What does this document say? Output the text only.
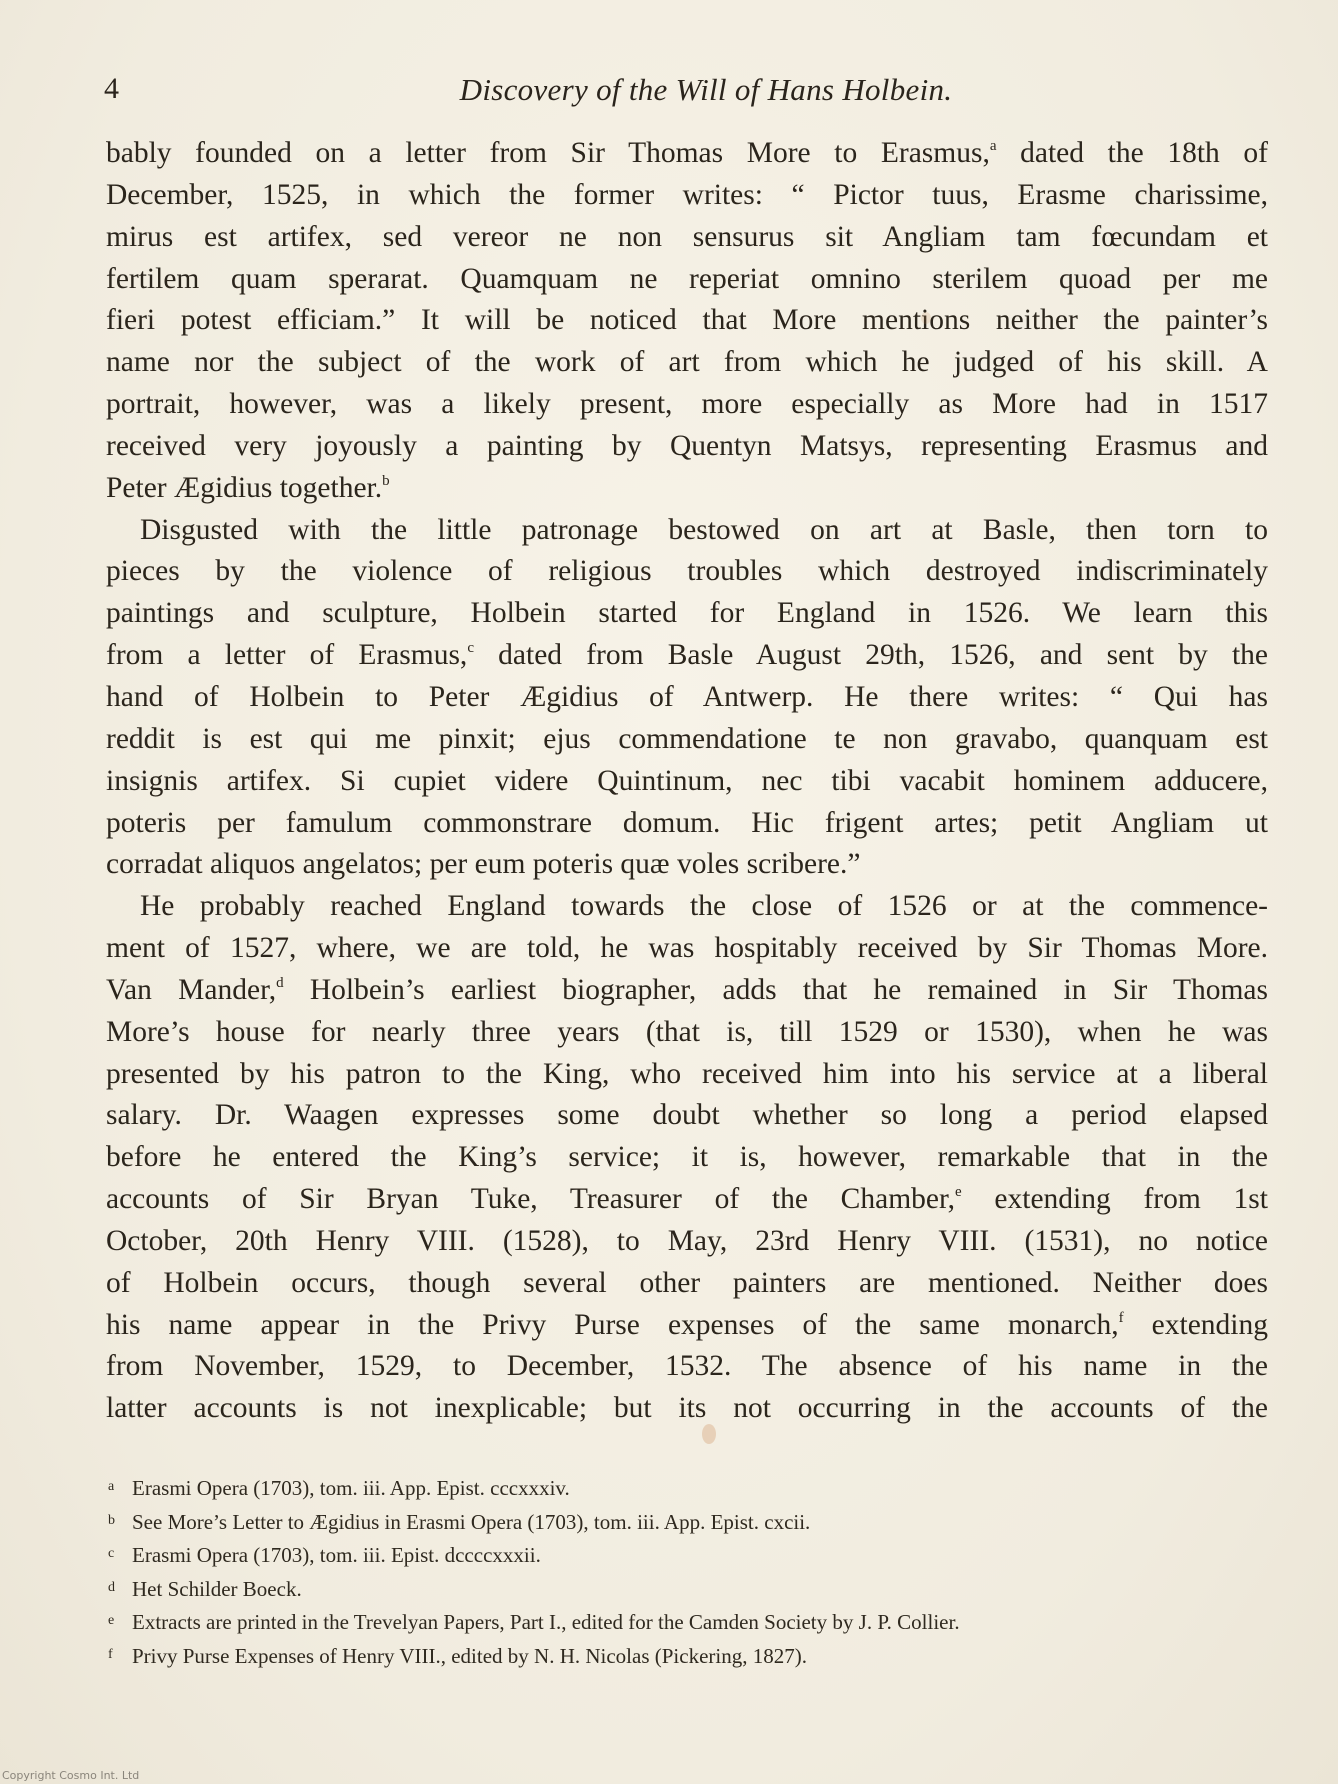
4	Discovery of the Will of Hans Holbein.
bably founded on a letter from Sir Thomas More to Erasmus,$^a$ dated the 18th of
December, 1525, in which the former writes: “ Pictor tuus, Erasme charissime,
mirus est artifex, sed vereor ne non sensurus sit Angliam tam fœcundam et
fertilem quam sperarat. Quamquam ne reperiat omnino sterilem quoad per me
fieri potest efficiam.” It will be noticed that More mentions neither the painter’s
name nor the subject of the work of art from which he judged of his skill. A
portrait, however, was a likely present, more especially as More had in 1517
received very joyously a painting by Quentyn Matsys, representing Erasmus and
Peter Ægidius together.$^b$
Disgusted with the little patronage bestowed on art at Basle, then torn to
pieces by the violence of religious troubles which destroyed indiscriminately
paintings and sculpture, Holbein started for England in 1526. We learn this
from a letter of Erasmus,$^c$ dated from Basle August 29th, 1526, and sent by the
hand of Holbein to Peter Ægidius of Antwerp. He there writes: “ Qui has
reddit is est qui me pinxit; ejus commendatione te non gravabo, quanquam est
insignis artifex. Si cupiet videre Quintinum, nec tibi vacabit hominem adducere,
poteris per famulum commonstrare domum. Hic frigent artes; petit Angliam ut
corradat aliquos angelatos; per eum poteris quæ voles scribere.”
He probably reached England towards the close of 1526 or at the commence-
ment of 1527, where, we are told, he was hospitably received by Sir Thomas More.
Van Mander,$^d$ Holbein’s earliest biographer, adds that he remained in Sir Thomas
More’s house for nearly three years (that is, till 1529 or 1530), when he was
presented by his patron to the King, who received him into his service at a liberal
salary. Dr. Waagen expresses some doubt whether so long a period elapsed
before he entered the King’s service; it is, however, remarkable that in the
accounts of Sir Bryan Tuke, Treasurer of the Chamber,$^e$ extending from 1st
October, 20th Henry VIII. (1528), to May, 23rd Henry VIII. (1531), no notice
of Holbein occurs, though several other painters are mentioned. Neither does
his name appear in the Privy Purse expenses of the same monarch,$^f$ extending
from November, 1529, to December, 1532. The absence of his name in the
latter accounts is not inexplicable; but its not occurring in the accounts of the
a Erasmi Opera (1703), tom. iii. App. Epist. cccxxxiv.
b See More’s Letter to Ægidius in Erasmi Opera (1703), tom. iii. App. Epist. cxcii.
c Erasmi Opera (1703), tom. iii. Epist. dccccxxxii.
d Het Schilder Boeck.
e Extracts are printed in the Trevelyan Papers, Part I., edited for the Camden Society by J. P. Collier.
f Privy Purse Expenses of Henry VIII., edited by N. H. Nicolas (Pickering, 1827).
Copyright Cosmo Int. Ltd
